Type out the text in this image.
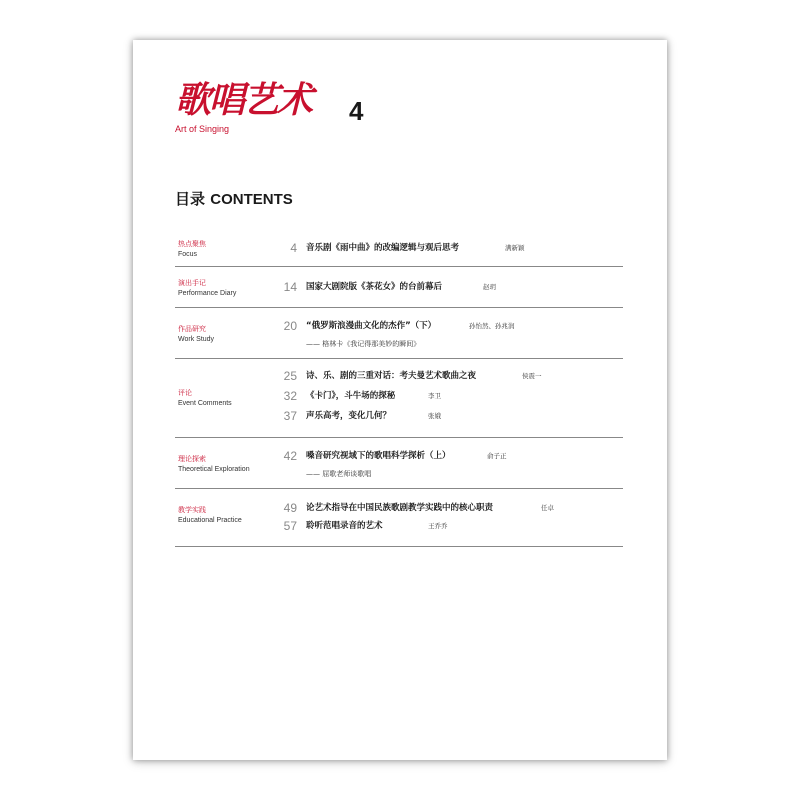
歌唱艺术 4
Art of Singing
目录 CONTENTS
热点聚焦
Focus	4 音乐剧《雨中曲》的改编逻辑与观后思考	满新颖
演出手记
Performance Diary	14 国家大剧院版《茶花女》的台前幕后	赵玥
作品研究
Work Study
20 “俄罗斯浪漫曲文化的杰作”（下）	孙怡然、孙兆润
—— 格林卡《我记得那美妙的瞬间》
评论
Event Comments
25 诗、乐、剧的三重对话：考夫曼艺术歌曲之夜	侯震一
32 《卡门》，斗牛场的探秘	李卫
37 声乐高考，变化几何？	张娥
理论探索
Theoretical Exploration
42 嗓音研究视域下的歌唱科学探析（上）	俞子正
—— 屈歌老师谈歌唱
教学实践
Educational Practice
49 论艺术指导在中国民族歌剧教学实践中的核心职责	任卓
57 聆听范唱录音的艺术	王乔乔
